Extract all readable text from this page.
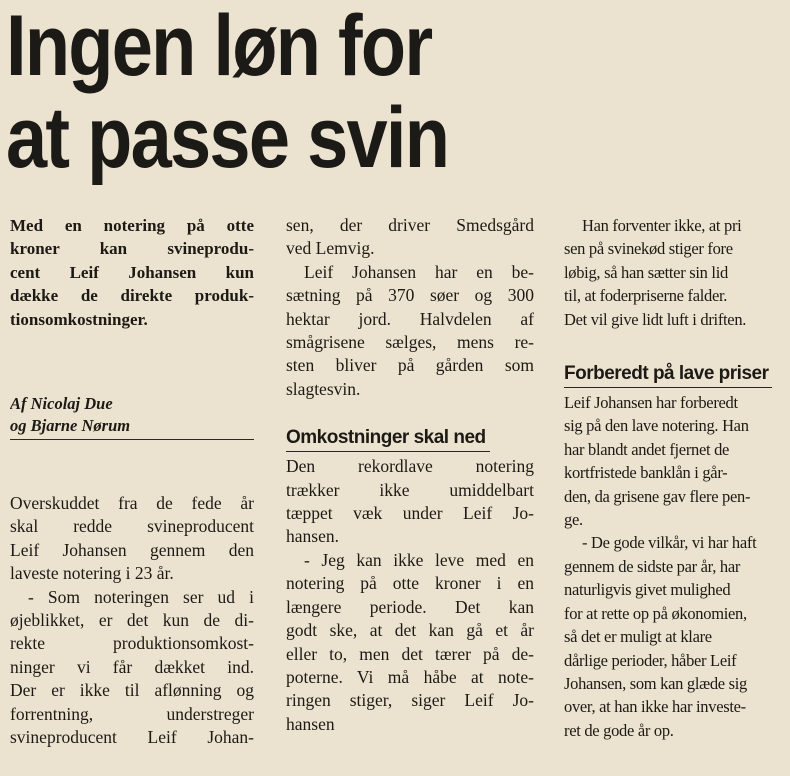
Ingen løn for
at passe svin
Med en notering på otte
kroner kan svineprodu-
cent Leif Johansen kun
dække de direkte produk-
tionsomkostninger.
Af Nicolaj Due
og Bjarne Nørum
Overskuddet fra de fede år
skal redde svineproducent
Leif Johansen gennem den
laveste notering i 23 år.
- Som noteringen ser ud i
øjeblikket, er det kun de di-
rekte produktionsomkost-
ninger vi får dækket ind.
Der er ikke til aflønning og
forrentning, understreger
svineproducent Leif Johan-
sen, der driver Smedsgård
ved Lemvig.
Leif Johansen har en be-
sætning på 370 søer og 300
hektar jord. Halvdelen af
smågrisene sælges, mens re-
sten bliver på gården som
slagtesvin.
Omkostninger skal ned
Den rekordlave notering
trækker ikke umiddelbart
tæppet væk under Leif Jo-
hansen.
- Jeg kan ikke leve med en
notering på otte kroner i en
længere periode. Det kan
godt ske, at det kan gå et år
eller to, men det tærer på de-
poterne. Vi må håbe at note-
ringen stiger, siger Leif Jo-
hansen
Han forventer ikke, at pri
sen på svinekød stiger fore
løbig, så han sætter sin lid
til, at foderpriserne falder.
Det vil give lidt luft i driften.
Forberedt på lave priser
Leif Johansen har forberedt
sig på den lave notering. Han
har blandt andet fjernet de
kortfristede banklån i går-
den, da grisene gav flere pen-
ge.
- De gode vilkår, vi har haft
gennem de sidste par år, har
naturligvis givet mulighed
for at rette op på økonomien,
så det er muligt at klare
dårlige perioder, håber Leif
Johansen, som kan glæde sig
over, at han ikke har investe-
ret de gode år op.
